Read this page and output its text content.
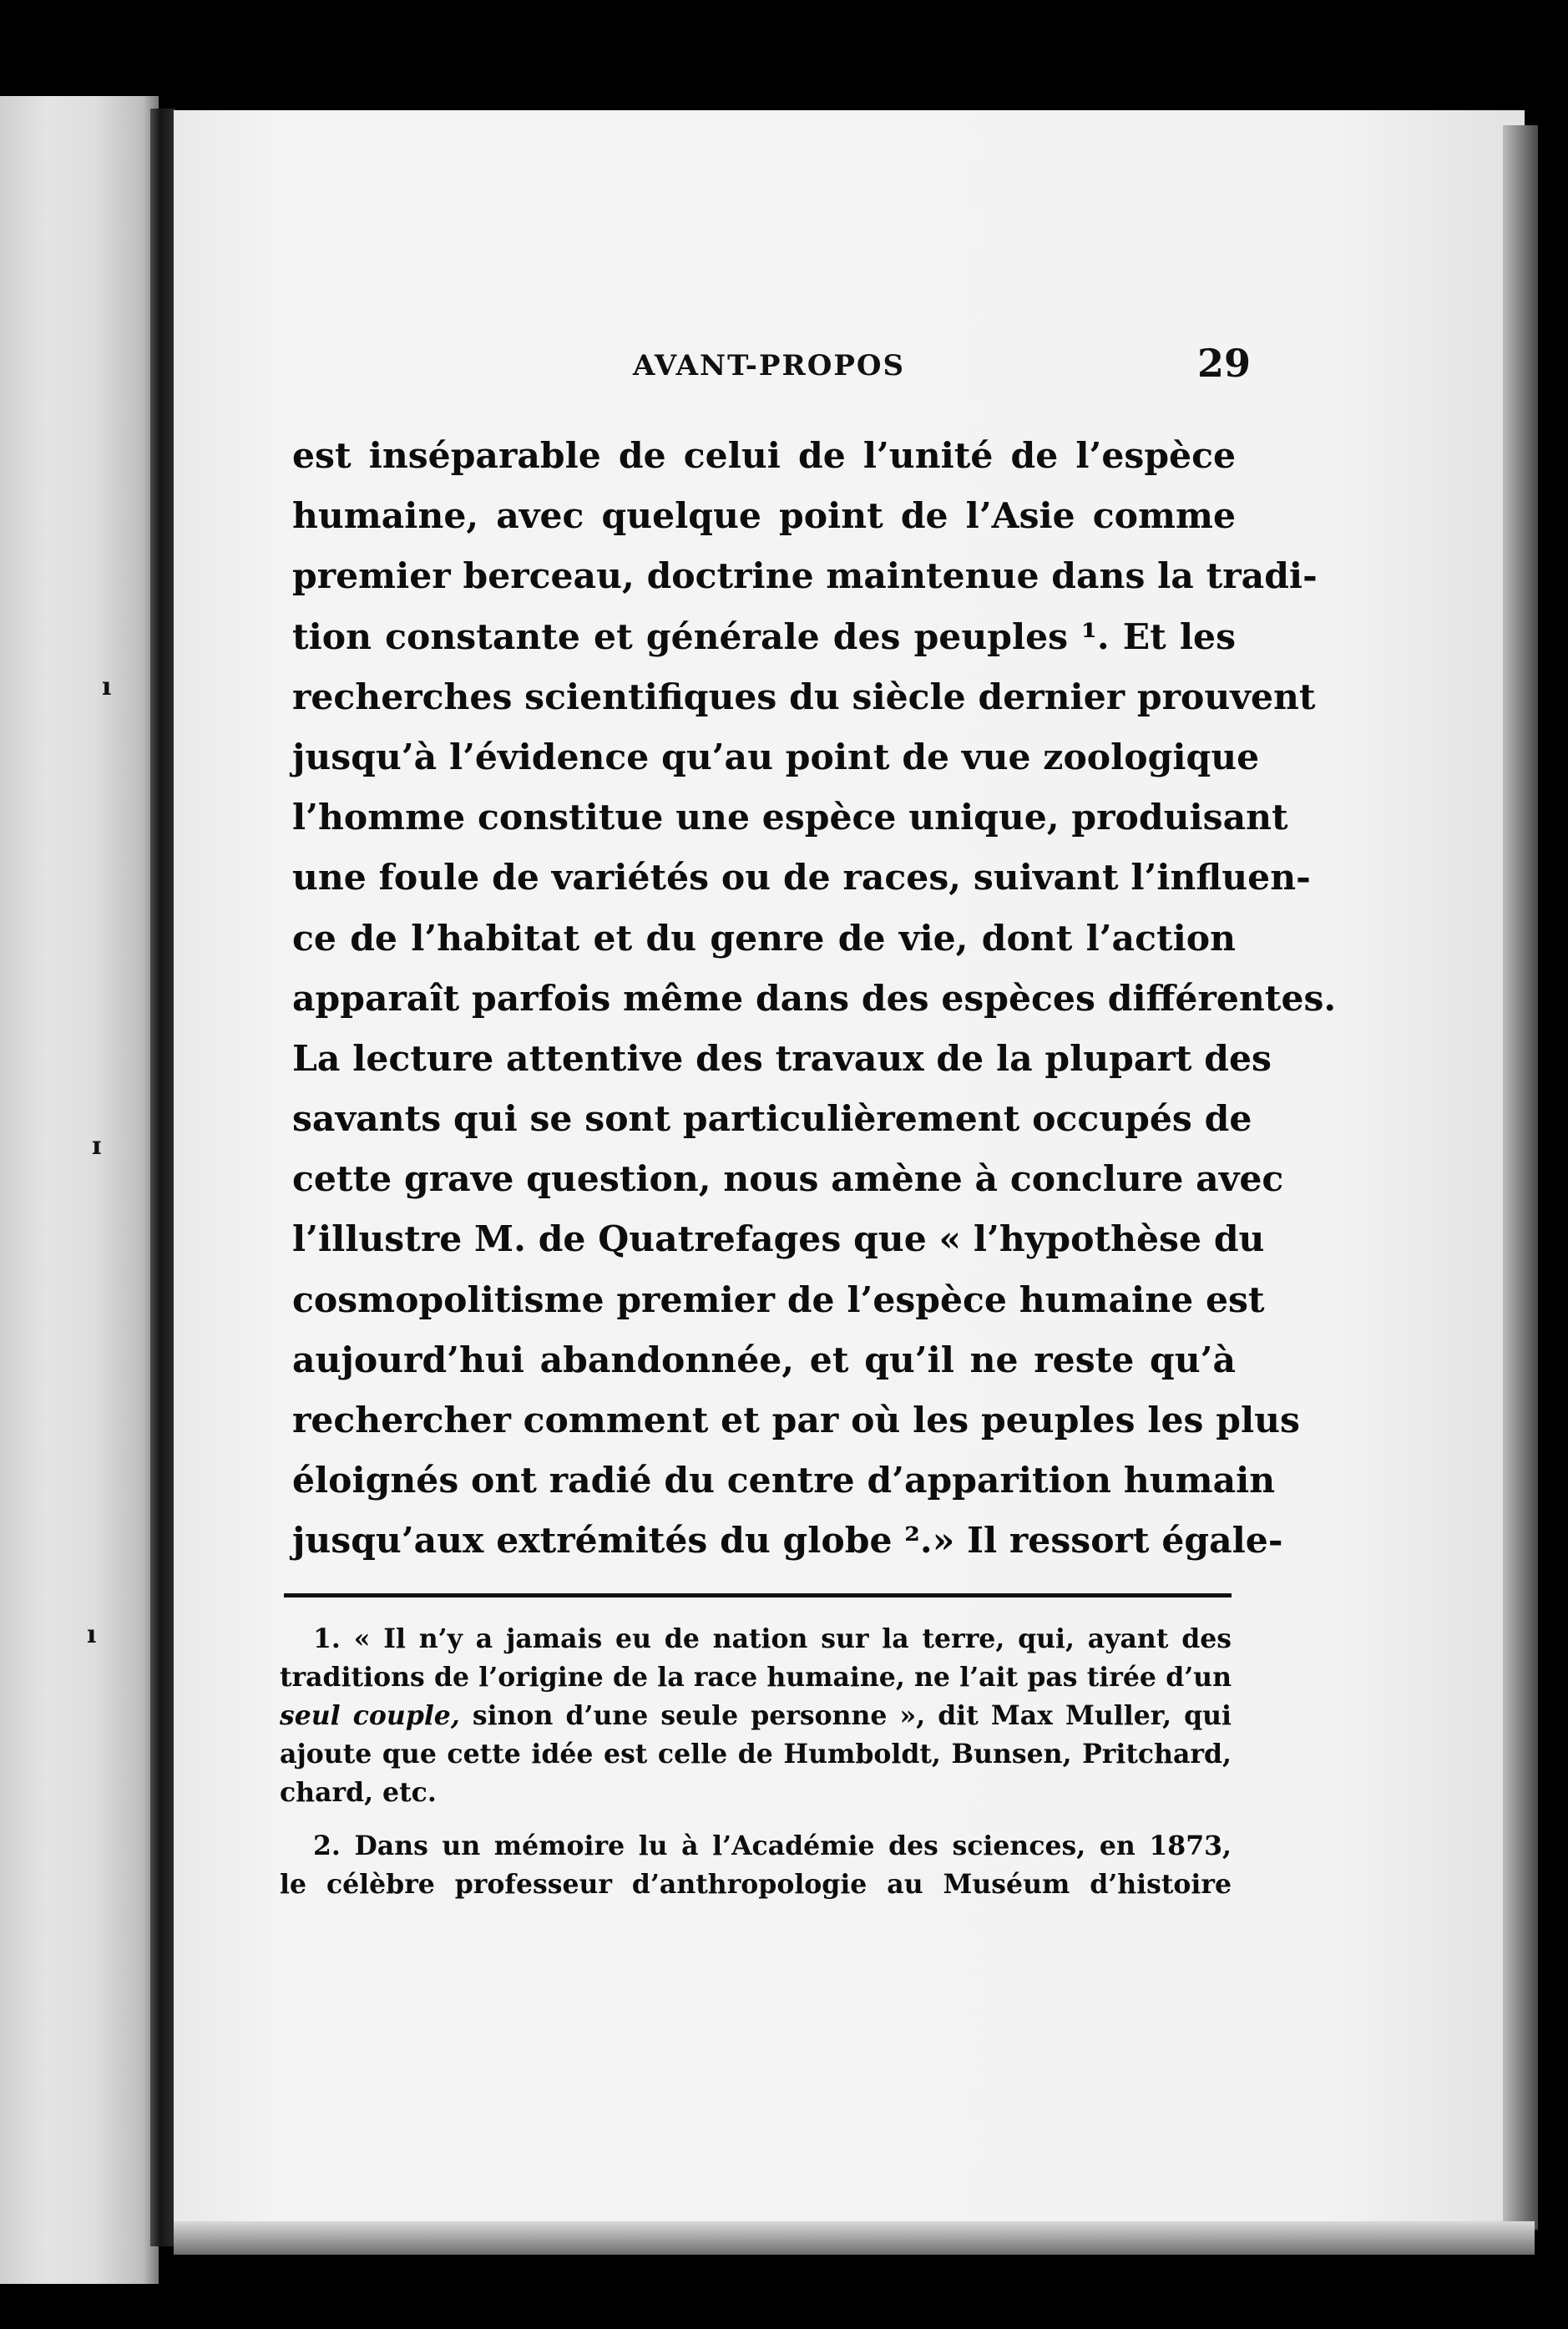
ı
ɪ
ı
AVANT-PROPOS	29
est inséparable de celui de l’unité de l’espèce
humaine, avec quelque point de l’Asie comme
premier berceau, doctrine maintenue dans la tradi-
tion constante et générale des peuples ¹. Et les
recherches scientifiques du siècle dernier prouvent
jusqu’à l’évidence qu’au point de vue zoologique
l’homme constitue une espèce unique, produisant
une foule de variétés ou de races, suivant l’influen-
ce de l’habitat et du genre de vie, dont l’action
apparaît parfois même dans des espèces différentes.
La lecture attentive des travaux de la plupart des
savants qui se sont particulièrement occupés de
cette grave question, nous amène à conclure avec
l’illustre M. de Quatrefages que « l’hypothèse du
cosmopolitisme premier de l’espèce humaine est
aujourd’hui abandonnée, et qu’il ne reste qu’à
rechercher comment et par où les peuples les plus
éloignés ont radié du centre d’apparition humain
jusqu’aux extrémités du globe ².» Il ressort égale-

1. « Il n’y a jamais eu de nation sur la terre, qui, ayant des
traditions de l’origine de la race humaine, ne l’ait pas tirée d’un
seul couple, sinon d’une seule personne », dit Max Muller, qui
ajoute que cette idée est celle de Humboldt, Bunsen, Pritchard,
chard, etc.

2. Dans un mémoire lu à l’Académie des sciences, en 1873,
le célèbre professeur d’anthropologie au Muséum d’histoire
